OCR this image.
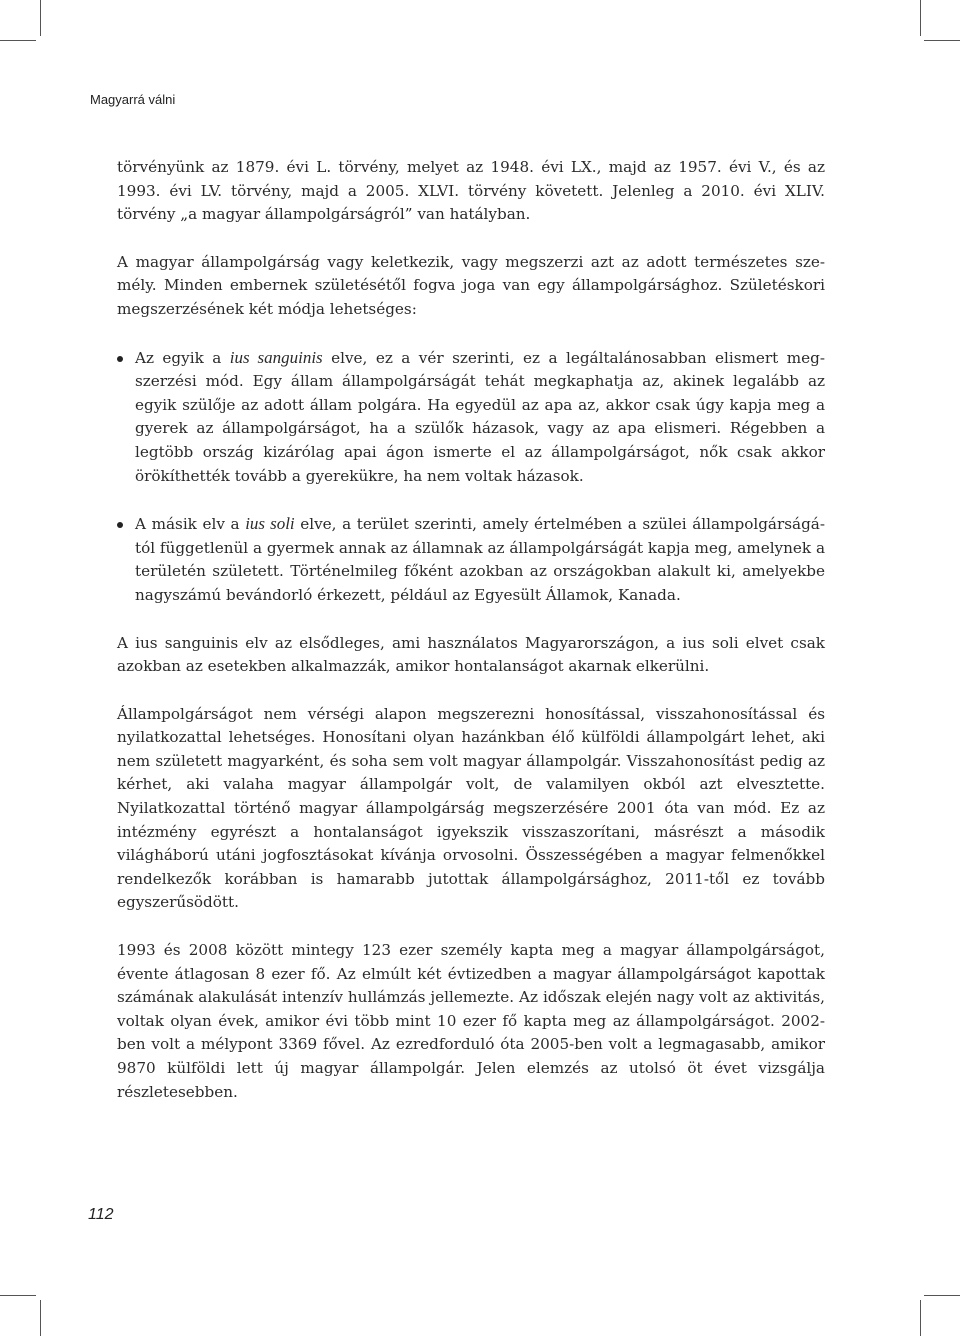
Magyarrá válni

törvényünk az 1879. évi L. törvény, melyet az 1948. évi LX., majd az 1957. évi V., és az 1993. évi LV. törvény, majd a 2005. XLVI. törvény követett. Jelenleg a 2010. évi XLIV. törvény „a magyar állampolgárságról” van hatályban.

A magyar állampolgárság vagy keletkezik, vagy megszerzi azt az adott természetes személy. Minden embernek születésétől fogva joga van egy állampolgársághoz. Születéskori megszerzésének két módja lehetséges:

Az egyik a ius sanguinis elve, ez a vér szerinti, ez a legáltalánosabban elismert megszerzési mód. Egy állam állampolgárságát tehát megkaphatja az, akinek legalább az egyik szülője az adott állam polgára. Ha egyedül az apa az, akkor csak úgy kapja meg a gyerek az állampolgárságot, ha a szülők házasok, vagy az apa elismeri. Régebben a legtöbb ország kizárólag apai ágon ismerte el az állampolgárságot, nők csak akkor örökíthették tovább a gyerekükre, ha nem voltak házasok.
A másik elv a ius soli elve, a terület szerinti, amely értelmében a szülei állampolgárságától függetlenül a gyermek annak az államnak az állampolgárságát kapja meg, amelynek a területén született. Történelmileg főként azokban az országokban alakult ki, amelyekbe nagyszámú bevándorló érkezett, például az Egyesült Államok, Kanada.

A ius sanguinis elv az elsődleges, ami használatos Magyarországon, a ius soli elvet csak azokban az esetekben alkalmazzák, amikor hontalanságot akarnak elkerülni.

Állampolgárságot nem vérségi alapon megszerezni honosítással, visszahonosítással és nyilatkozattal lehetséges. Honosítani olyan hazánkban élő külföldi állampolgárt lehet, aki nem született magyarként, és soha sem volt magyar állampolgár. Visszahonosítást pedig az kérhet, aki valaha magyar állampolgár volt, de valamilyen okból azt elvesztette. Nyilatkozattal történő magyar állampolgárság megszerzésére 2001 óta van mód. Ez az intézmény egyrészt a hontalanságot igyekszik visszaszorítani, másrészt a második világháború utáni jogfosztásokat kívánja orvosolni. Összességében a magyar felmenőkkel rendelkezők korábban is hamarabb jutottak állampolgársághoz, 2011-től ez tovább egyszerűsödött.

1993 és 2008 között mintegy 123 ezer személy kapta meg a magyar állampolgárságot, évente átlagosan 8 ezer fő. Az elmúlt két évtizedben a magyar állampolgárságot kapottak számának alakulását intenzív hullámzás jellemezte. Az időszak elején nagy volt az aktivitás, voltak olyan évek, amikor évi több mint 10 ezer fő kapta meg az állampolgárságot. 2002-ben volt a mélypont 3369 fővel. Az ezredforduló óta 2005-ben volt a legmagasabb, amikor 9870 külföldi lett új magyar állampolgár. Jelen elemzés az utolsó öt évet vizsgálja részletesebben.

112
